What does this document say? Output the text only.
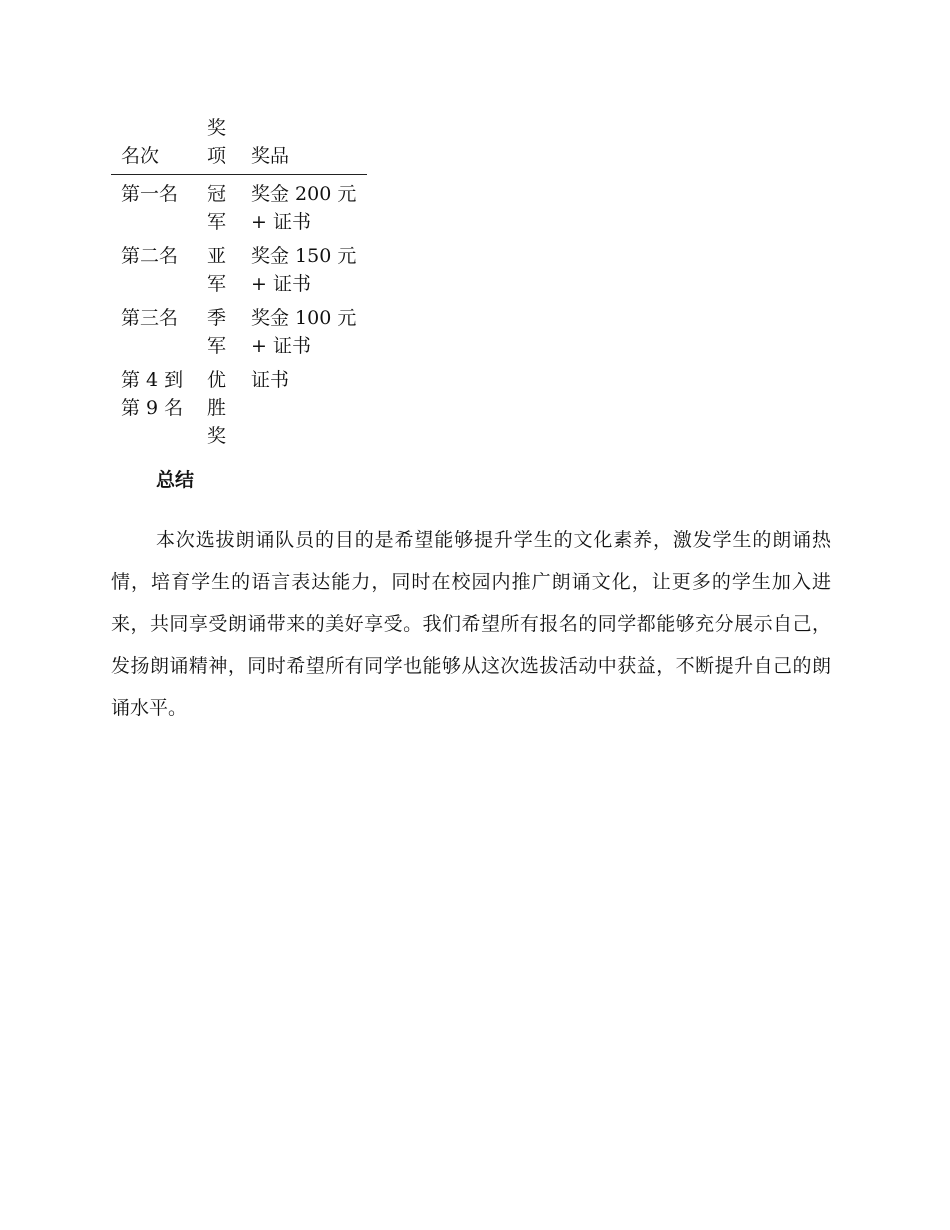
名次	奖项	奖品

第一名	冠军	奖金 200 元 + 证书

第二名	亚军	奖金 150 元 + 证书

第三名	季军	奖金 100 元 + 证书

第 4 到 第 9 名	优胜奖	证书
总结

本次选拔朗诵队员的目的是希望能够提升学生的文化素养，激发学生的朗诵热情，培育学生的语言表达能力，同时在校园内推广朗诵文化，让更多的学生加入进来，共同享受朗诵带来的美好享受。我们希望所有报名的同学都能够充分展示自己，发扬朗诵精神，同时希望所有同学也能够从这次选拔活动中获益，不断提升自己的朗诵水平。
